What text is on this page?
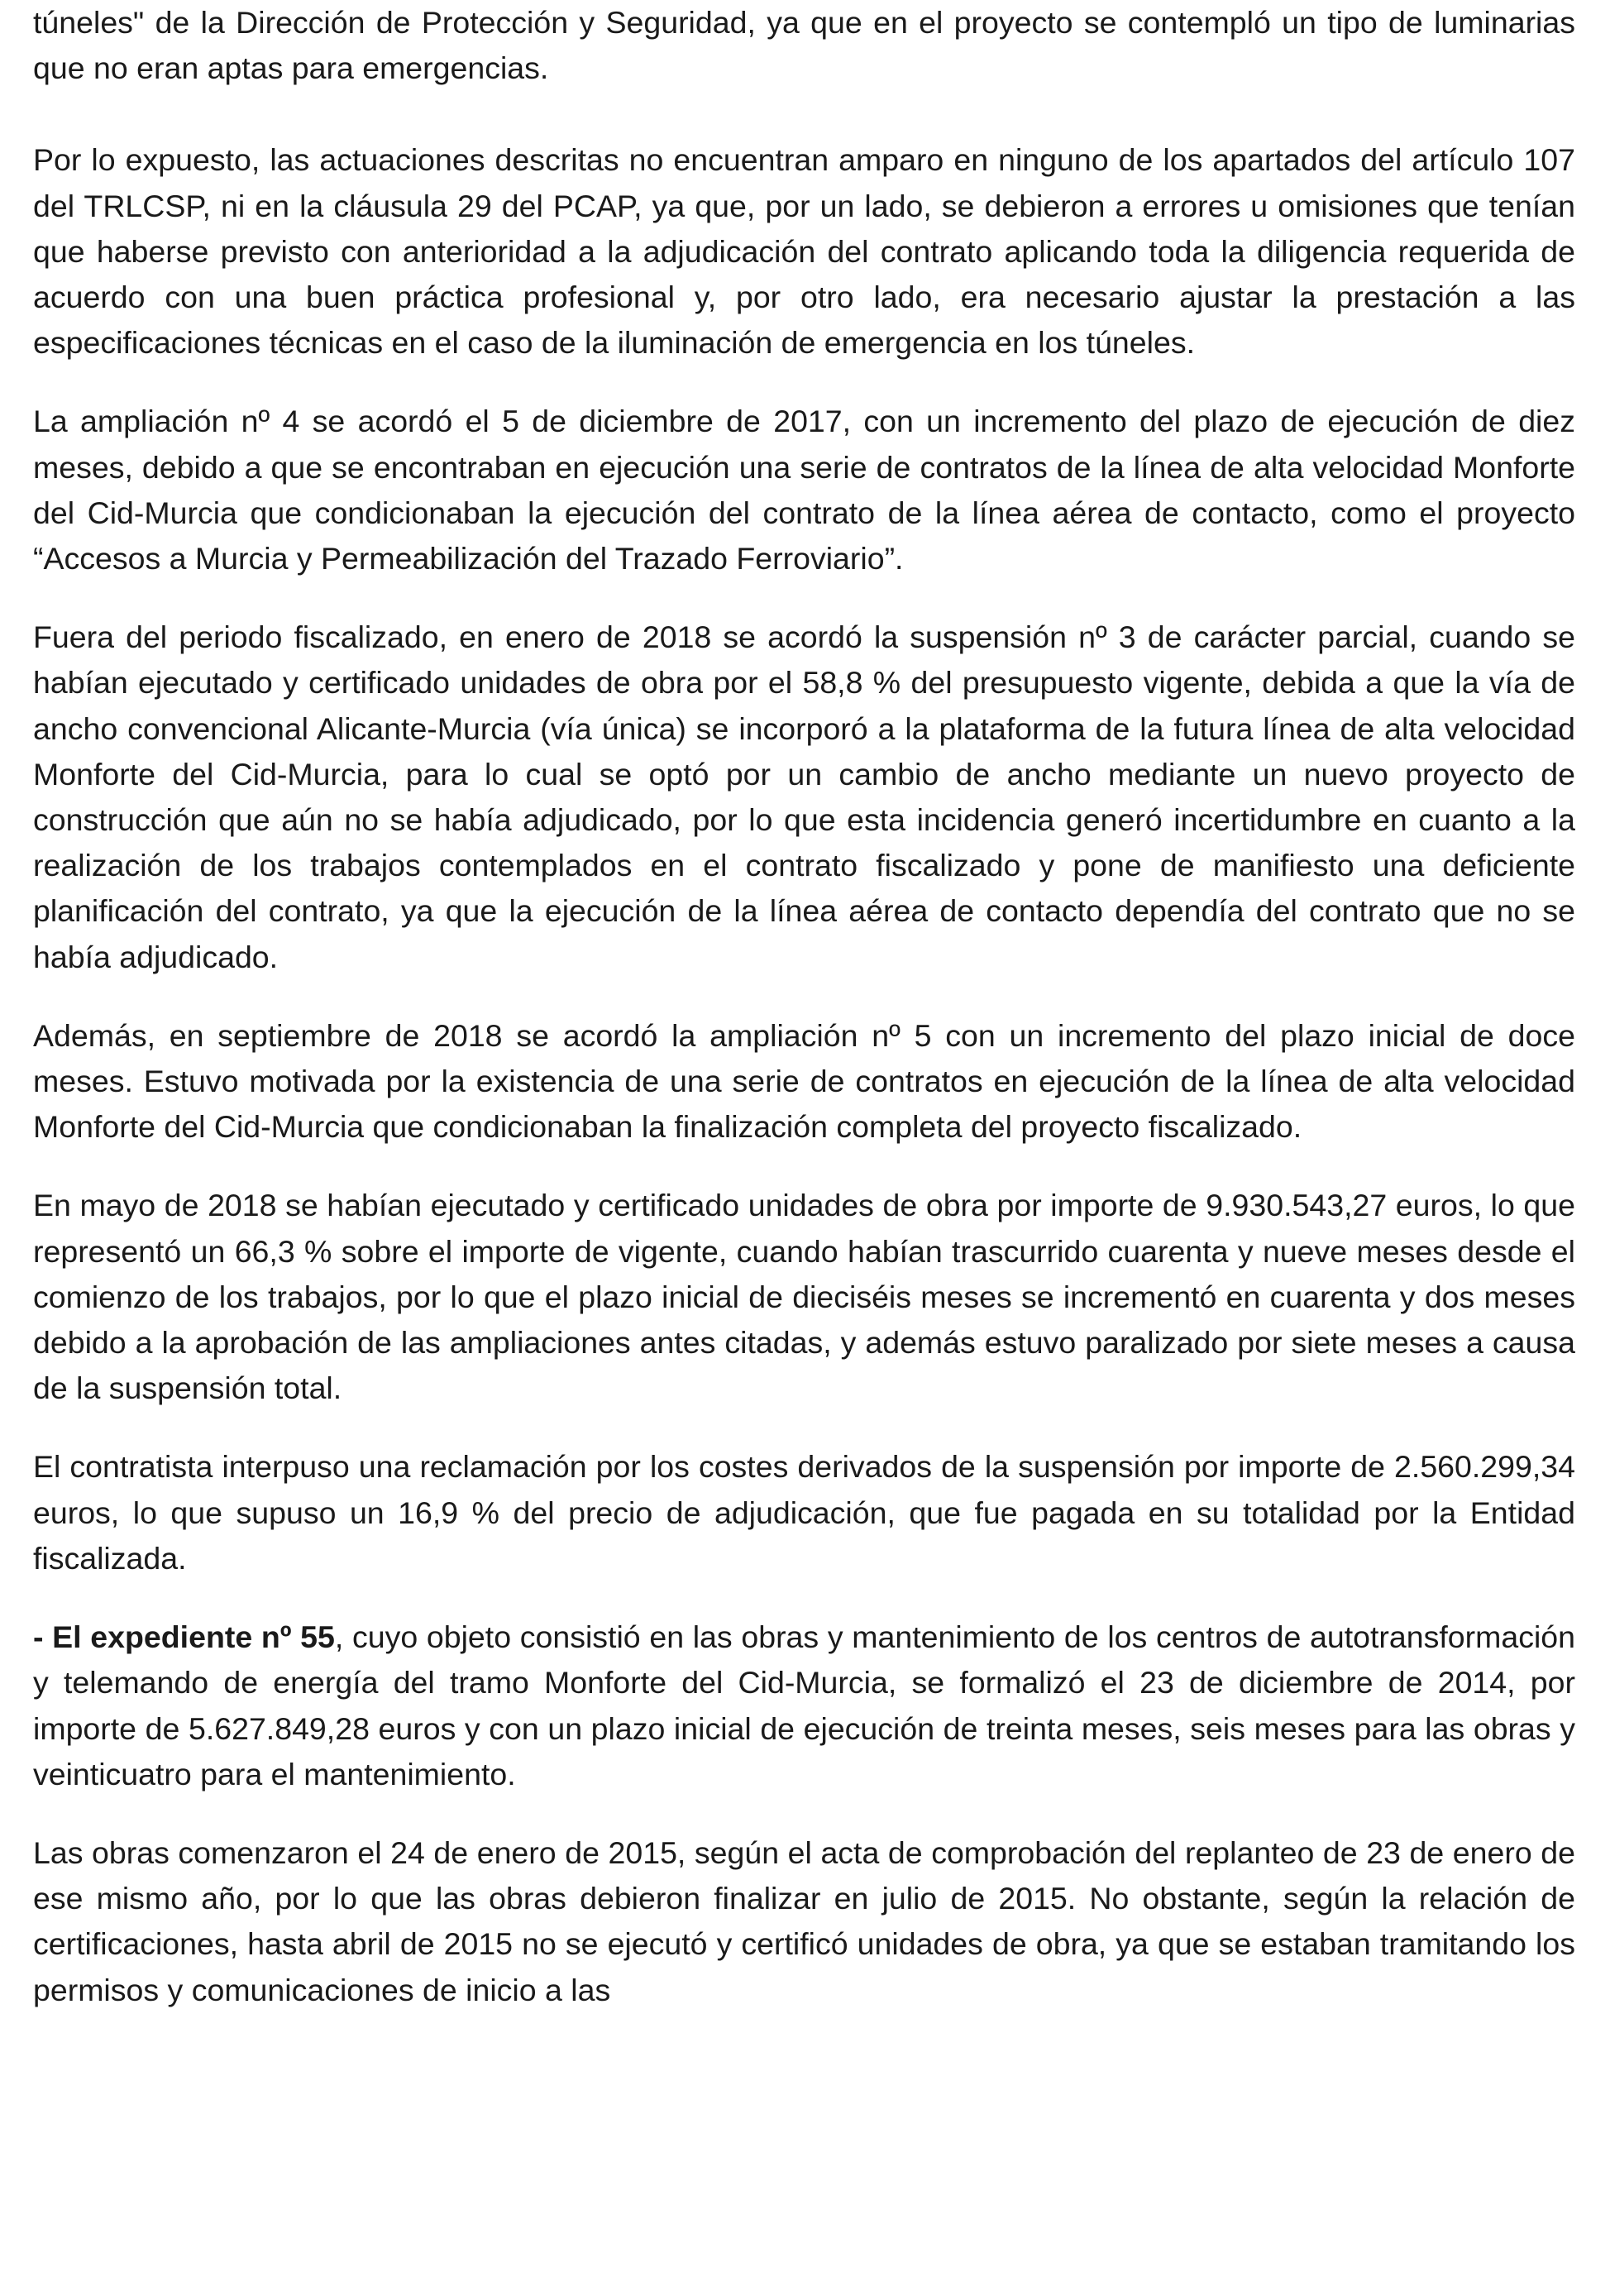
túneles" de la Dirección de Protección y Seguridad, ya que en el proyecto se contempló un tipo de luminarias que no eran aptas para emergencias.

Por lo expuesto, las actuaciones descritas no encuentran amparo en ninguno de los apartados del artículo 107 del TRLCSP, ni en la cláusula 29 del PCAP, ya que, por un lado, se debieron a errores u omisiones que tenían que haberse previsto con anterioridad a la adjudicación del contrato aplicando toda la diligencia requerida de acuerdo con una buen práctica profesional y, por otro lado, era necesario ajustar la prestación a las especificaciones técnicas en el caso de la iluminación de emergencia en los túneles.

La ampliación nº 4 se acordó el 5 de diciembre de 2017, con un incremento del plazo de ejecución de diez meses, debido a que se encontraban en ejecución una serie de contratos de la línea de alta velocidad Monforte del Cid-Murcia que condicionaban la ejecución del contrato de la línea aérea de contacto, como el proyecto “Accesos a Murcia y Permeabilización del Trazado Ferroviario”.

Fuera del periodo fiscalizado, en enero de 2018 se acordó la suspensión nº 3 de carácter parcial, cuando se habían ejecutado y certificado unidades de obra por el 58,8 % del presupuesto vigente, debida a que la vía de ancho convencional Alicante-Murcia (vía única) se incorporó a la plataforma de la futura línea de alta velocidad Monforte del Cid-Murcia, para lo cual se optó por un cambio de ancho mediante un nuevo proyecto de construcción que aún no se había adjudicado, por lo que esta incidencia generó incertidumbre en cuanto a la realización de los trabajos contemplados en el contrato fiscalizado y pone de manifiesto una deficiente planificación del contrato, ya que la ejecución de la línea aérea de contacto dependía del contrato que no se había adjudicado.

Además, en septiembre de 2018 se acordó la ampliación nº 5 con un incremento del plazo inicial de doce meses. Estuvo motivada por la existencia de una serie de contratos en ejecución de la línea de alta velocidad Monforte del Cid-Murcia que condicionaban la finalización completa del proyecto fiscalizado.

En mayo de 2018 se habían ejecutado y certificado unidades de obra por importe de 9.930.543,27 euros, lo que representó un 66,3 % sobre el importe de vigente, cuando habían trascurrido cuarenta y nueve meses desde el comienzo de los trabajos, por lo que el plazo inicial de dieciséis meses se incrementó en cuarenta y dos meses debido a la aprobación de las ampliaciones antes citadas, y además estuvo paralizado por siete meses a causa de la suspensión total.

El contratista interpuso una reclamación por los costes derivados de la suspensión por importe de 2.560.299,34 euros, lo que supuso un 16,9 % del precio de adjudicación, que fue pagada en su totalidad por la Entidad fiscalizada.

- El expediente nº 55, cuyo objeto consistió en las obras y mantenimiento de los centros de autotransformación y telemando de energía del tramo Monforte del Cid-Murcia, se formalizó el 23 de diciembre de 2014, por importe de 5.627.849,28 euros y con un plazo inicial de ejecución de treinta meses, seis meses para las obras y veinticuatro para el mantenimiento.

Las obras comenzaron el 24 de enero de 2015, según el acta de comprobación del replanteo de 23 de enero de ese mismo año, por lo que las obras debieron finalizar en julio de 2015. No obstante, según la relación de certificaciones, hasta abril de 2015 no se ejecutó y certificó unidades de obra, ya que se estaban tramitando los permisos y comunicaciones de inicio a las
